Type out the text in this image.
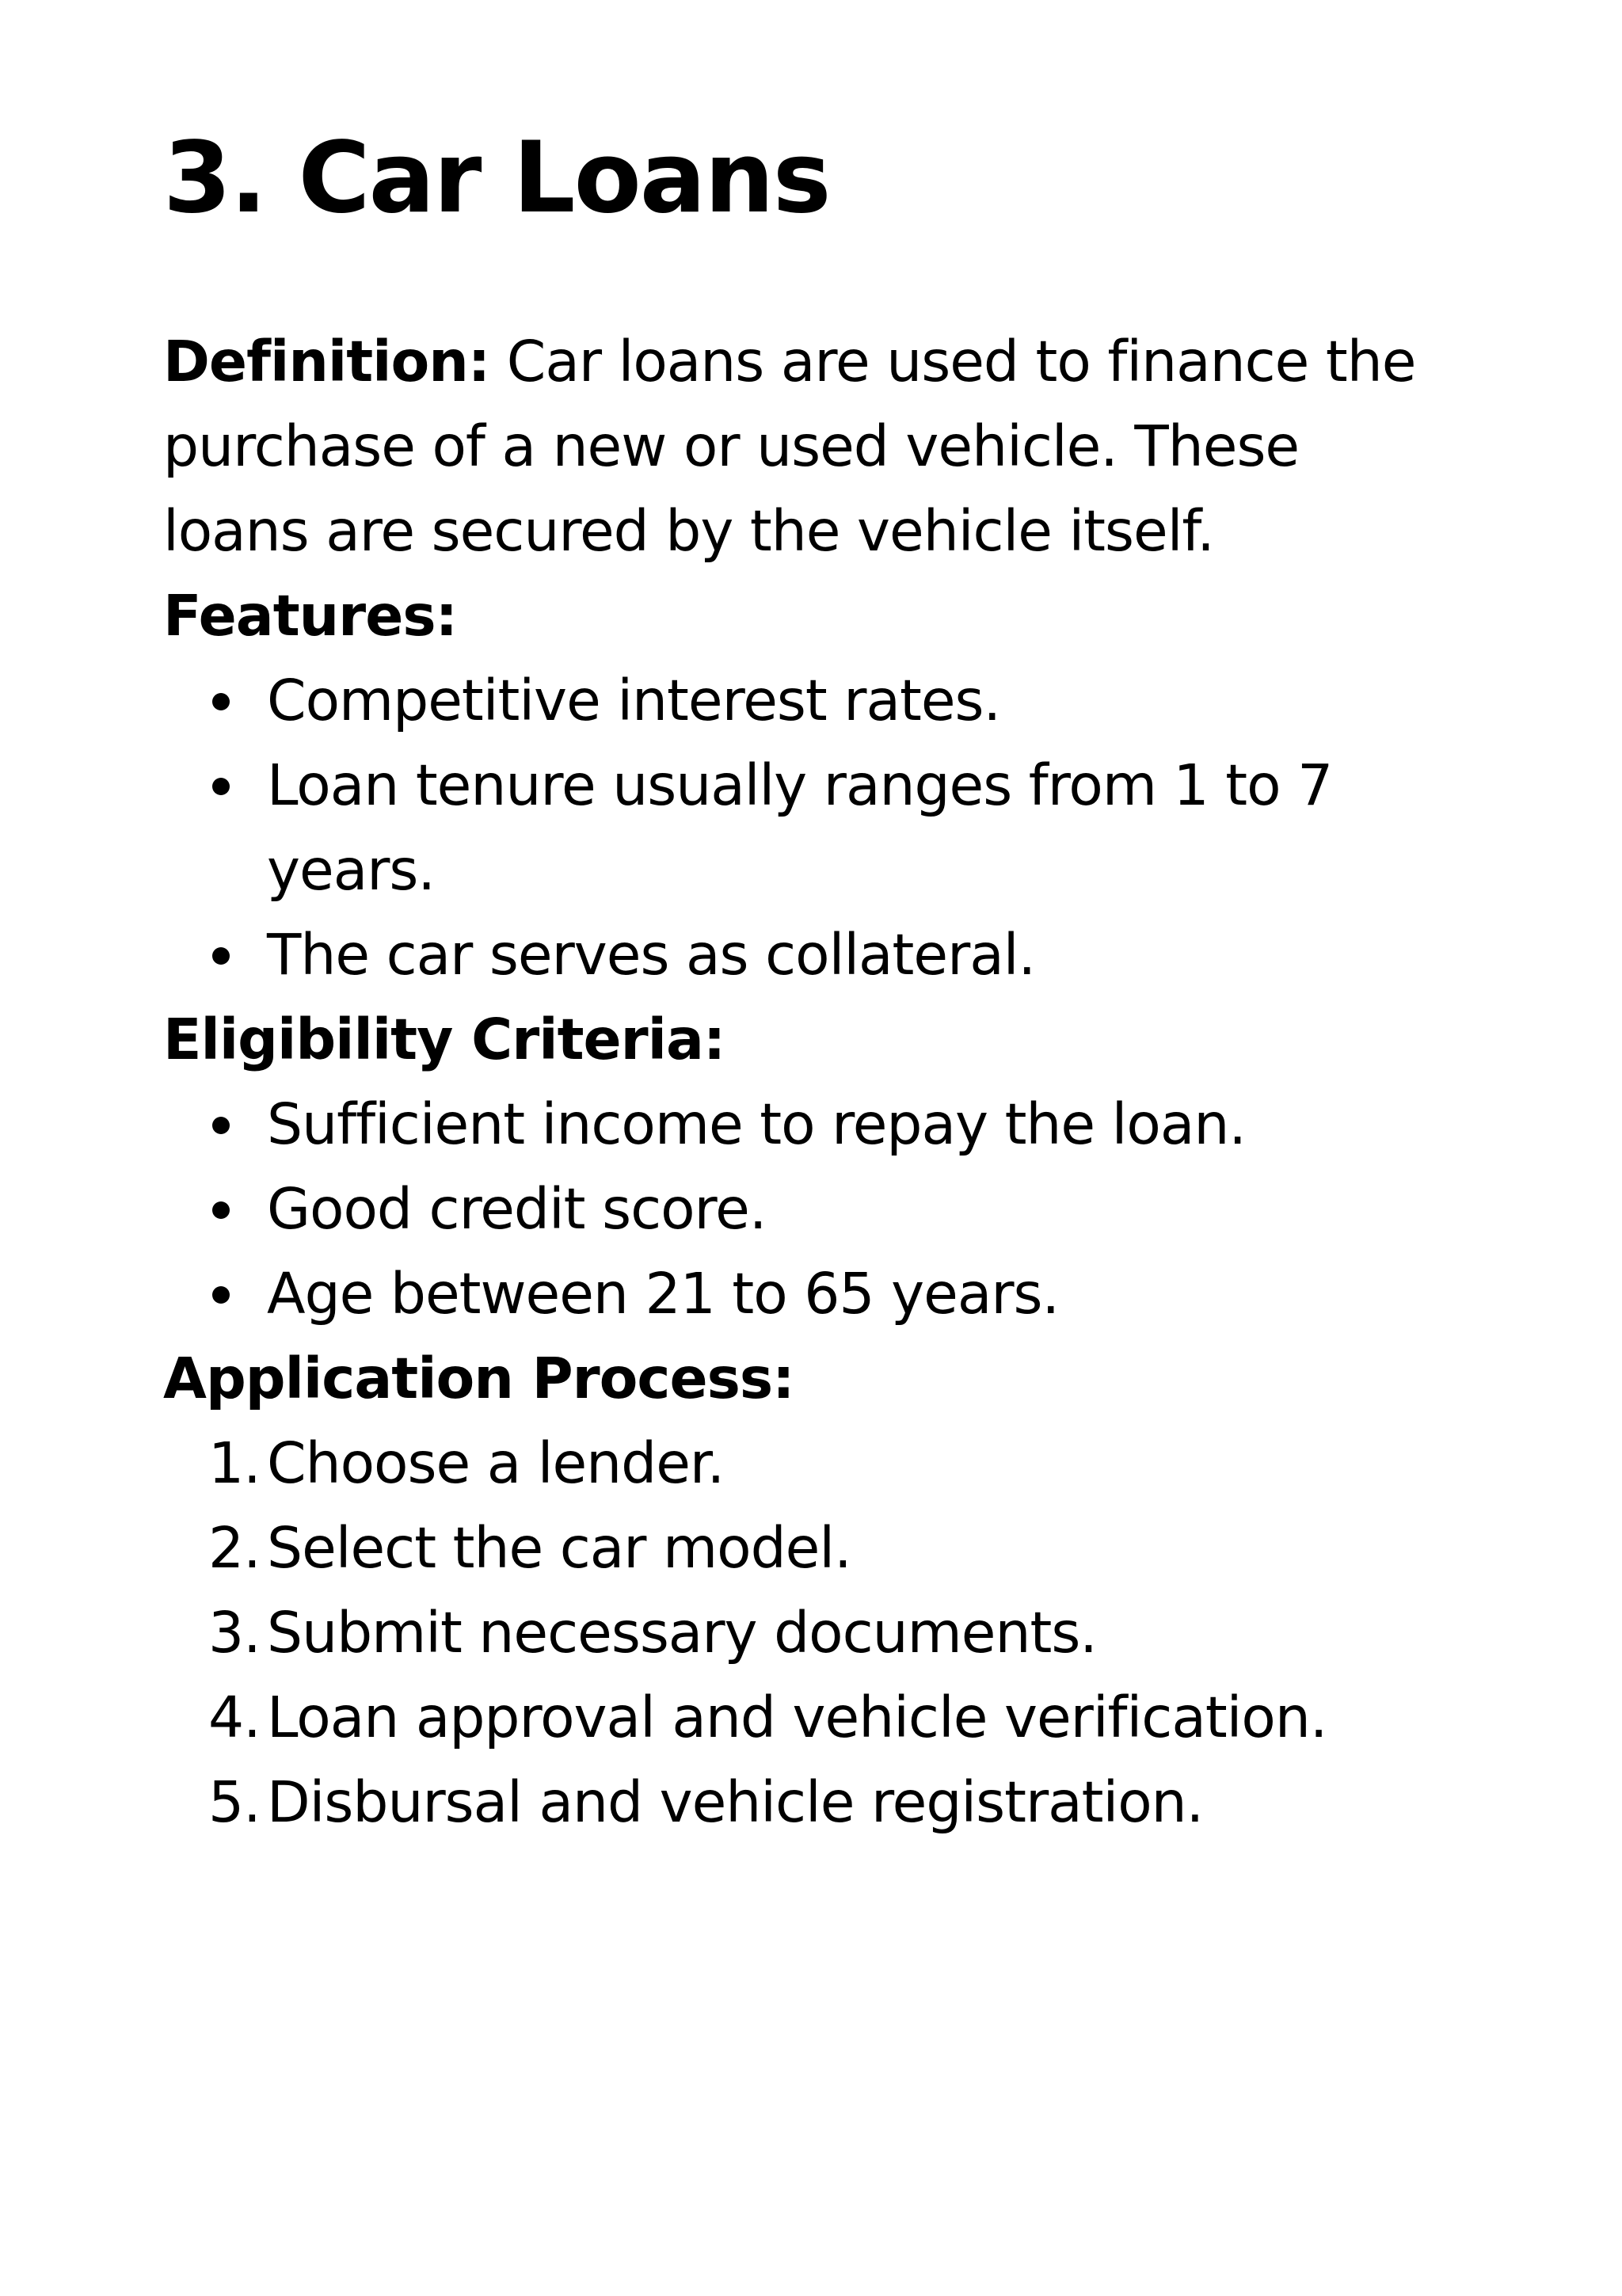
3. Car Loans

Definition: Car loans are used to finance the

purchase of a new or used vehicle. These

loans are secured by the vehicle itself.

Features:

Competitive interest rates.

Loan tenure usually ranges from 1 to 7

years.

The car serves as collateral.

Eligibility Criteria:

Sufficient income to repay the loan.

Good credit score.

Age between 21 to 65 years.

Application Process:

1. Choose a lender.

2. Select the car model.

3. Submit necessary documents.

4. Loan approval and vehicle verification.

5. Disbursal and vehicle registration.
